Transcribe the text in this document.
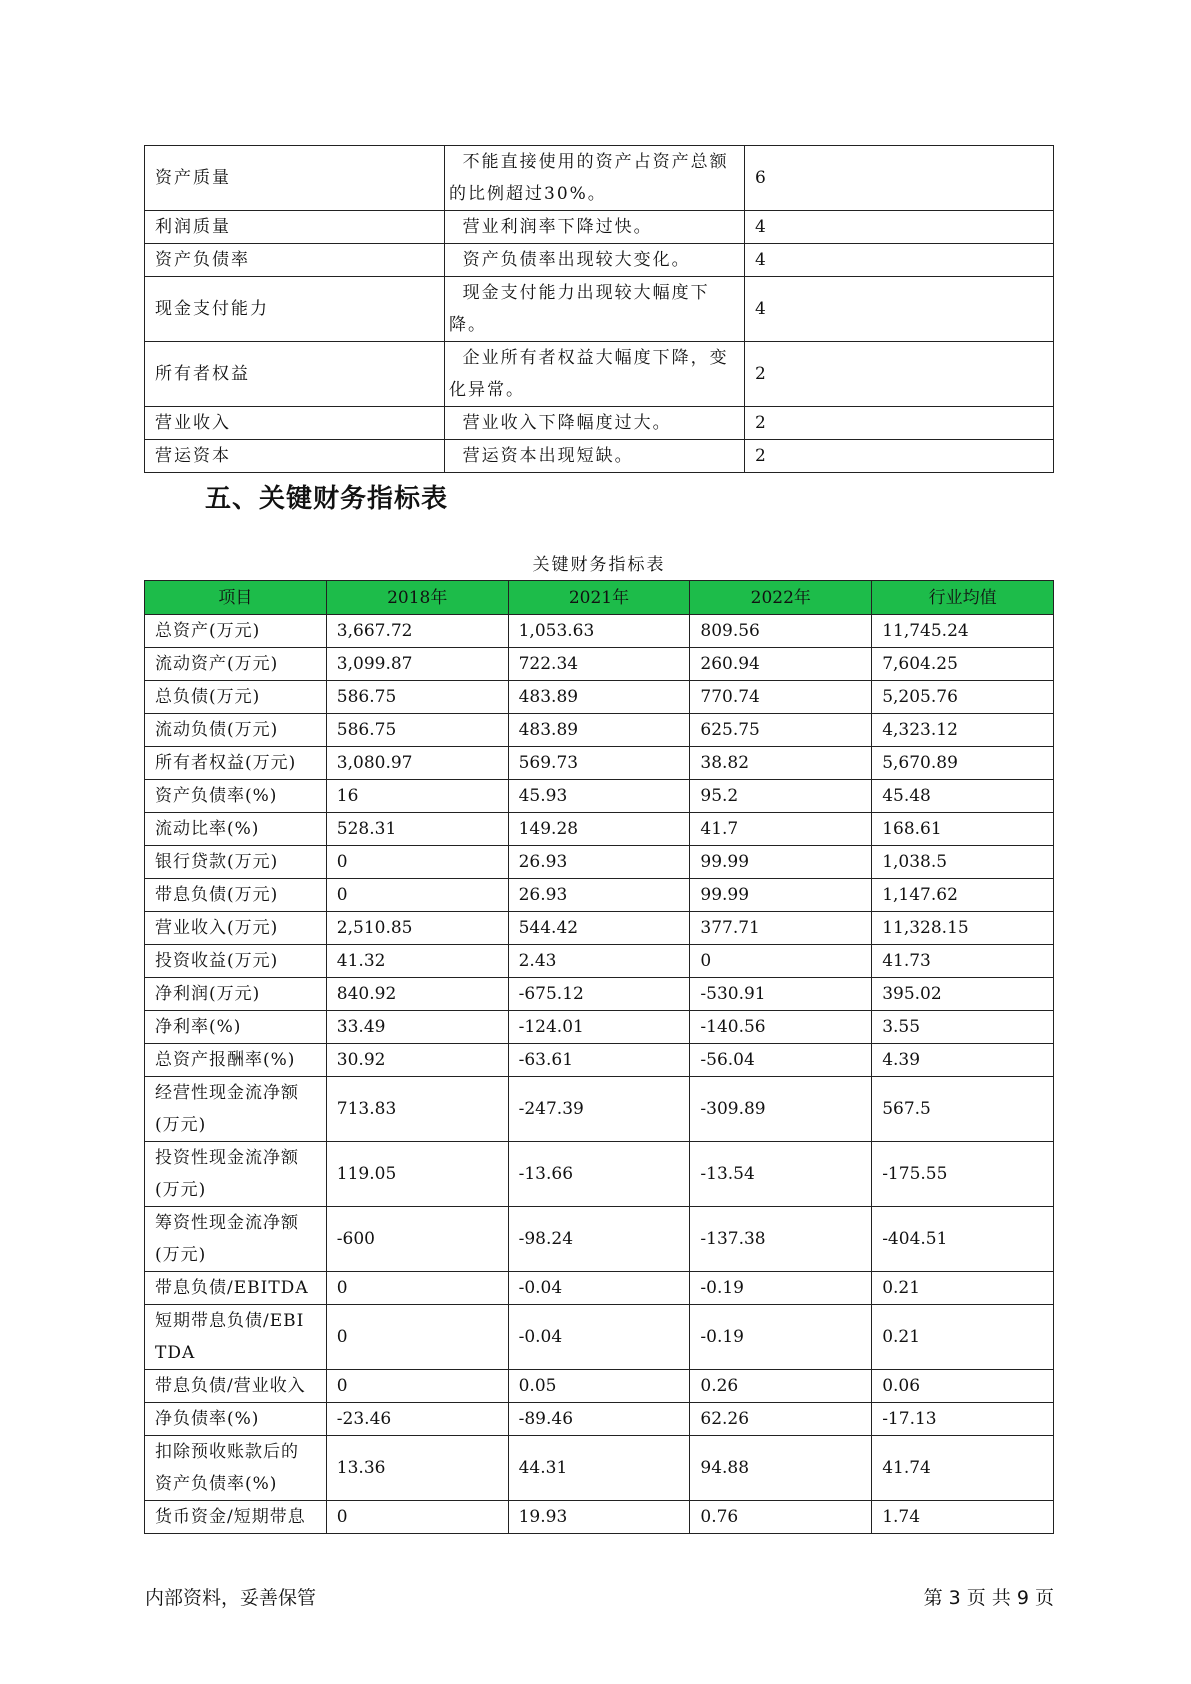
资产质量	不能直接使用的资产占资产总额的比例超过30%。	6
利润质量	营业利润率下降过快。	4
资产负债率	资产负债率出现较大变化。	4
现金支付能力	现金支付能力出现较大幅度下降。	4
所有者权益	企业所有者权益大幅度下降，变化异常。	2
营业收入	营业收入下降幅度过大。	2
营运资本	营运资本出现短缺。	2
五、关键财务指标表
关键财务指标表
项目	2018年	2021年	2022年	行业均值
总资产(万元)	3,667.72	1,053.63	809.56	11,745.24
流动资产(万元)	3,099.87	722.34	260.94	7,604.25
总负债(万元)	586.75	483.89	770.74	5,205.76
流动负债(万元)	586.75	483.89	625.75	4,323.12
所有者权益(万元)	3,080.97	569.73	38.82	5,670.89
资产负债率(%)	16	45.93	95.2	45.48
流动比率(%)	528.31	149.28	41.7	168.61
银行贷款(万元)	0	26.93	99.99	1,038.5
带息负债(万元)	0	26.93	99.99	1,147.62
营业收入(万元)	2,510.85	544.42	377.71	11,328.15
投资收益(万元)	41.32	2.43	0	41.73
净利润(万元)	840.92	-675.12	-530.91	395.02
净利率(%)	33.49	-124.01	-140.56	3.55
总资产报酬率(%)	30.92	-63.61	-56.04	4.39
经营性现金流净额(万元)	713.83	-247.39	-309.89	567.5
投资性现金流净额(万元)	119.05	-13.66	-13.54	-175.55
筹资性现金流净额(万元)	-600	-98.24	-137.38	-404.51
带息负债/EBITDA	0	-0.04	-0.19	0.21
短期带息负债/EBITDA	0	-0.04	-0.19	0.21
带息负债/营业收入	0	0.05	0.26	0.06
净负债率(%)	-23.46	-89.46	62.26	-17.13
扣除预收账款后的资产负债率(%)	13.36	44.31	94.88	41.74
货币资金/短期带息	0	19.93	0.76	1.74
内部资料，妥善保管	第 3 页 共 9 页
